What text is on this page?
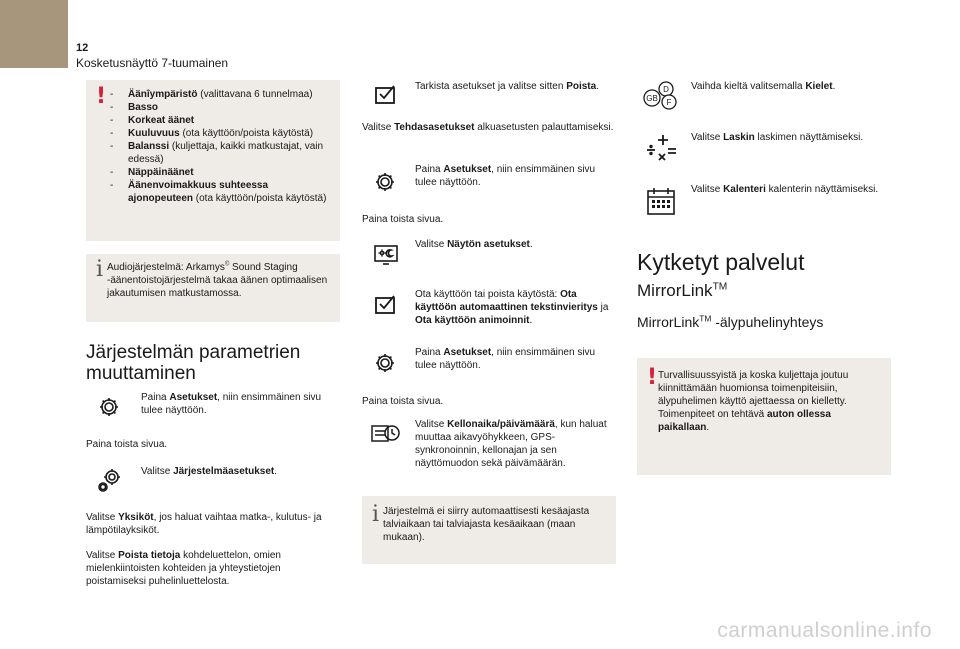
12
Kosketusnäyttö 7-tuumainen
! - Äänîympäristö (valittavana 6 tunnelmaa)
- Basso
- Korkeat äänet
- Kuuluvuus (ota käyttöön/poista käytöstä)
- Balanssi (kuljettaja, kaikki matkustajat, vain edessä)
- Näppäinäänet
- Äänenvoimakkuus suhteessa ajonopeuteen (ota käyttöön/poista käytöstä)
i Audiojärjestelmä: Arkamys© Sound Staging -äänentoistojärjestelmä takaa äänen optimaalisen jakautumisen matkustamossa.
Järjestelmän parametrien muuttaminen
Paina Asetukset, niin ensimmäinen sivu tulee näyttöön.
Paina toista sivua.
Valitse Järjestelmäasetukset.
Valitse Yksiköt, jos haluat vaihtaa matka-, kulutus- ja lämpötilayksiköt.
Valitse Poista tietoja kohdeluettelon, omien mielenkiintoisten kohteiden ja yhteystietojen poistamiseksi puhelinluettelosta.
Tarkista asetukset ja valitse sitten Poista.
Valitse Tehdasasetukset alkuasetusten palauttamiseksi.
Paina Asetukset, niin ensimmäinen sivu tulee näyttöön.
Paina toista sivua.
Valitse Näytön asetukset.
Ota käyttöön tai poista käytöstä: Ota käyttöön automaattinen tekstinvieritys ja Ota käyttöön animoinnit.
Paina Asetukset, niin ensimmäinen sivu tulee näyttöön.
Paina toista sivua.
Valitse Kellonaika/päivämäärä, kun haluat muuttaa aikavyöhykkeen, GPS-synkronoinnin, kellonajan ja sen näyttömuodon sekä päivämäärän.
i Järjestelmä ei siirry automaattisesti kesäajasta talviaikaan tai talviajasta kesäaikaan (maan mukaan).
D
GB F
Vaihda kieltä valitsemalla Kielet.
Valitse Laskin laskimen näyttämiseksi.
Valitse Kalenteri kalenterin näyttämiseksi.
Kytketyt palvelut
MirrorLink™
MirrorLink™ -älypuhelinyhteys
! Turvallisuussyistä ja koska kuljettaja joutuu kiinnittämään huomionsa toimenpiteisiin, älypuhelimen käyttö ajettaessa on kielletty. Toimenpiteet on tehtävä auton ollessa paikallaan.
carmanualsonline.info
